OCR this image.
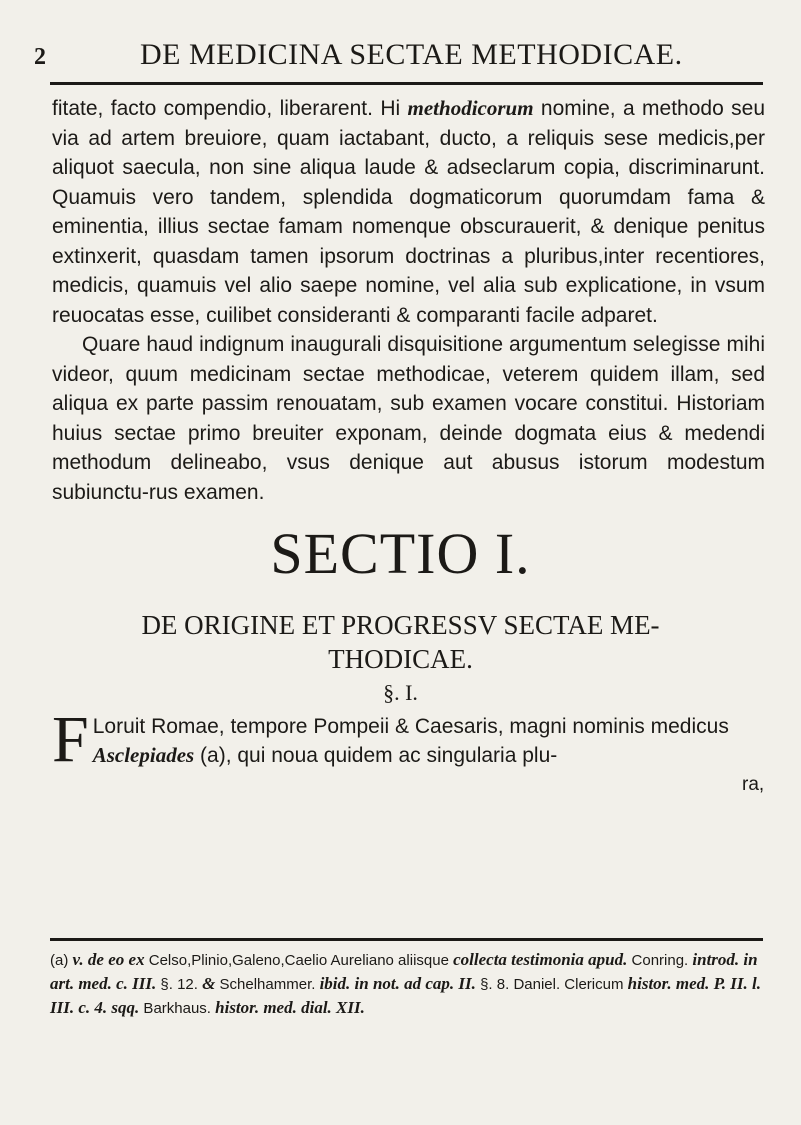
2	DE MEDICINA SECTAE METHODICAE.

fitate, facto compendio, liberarent. Hi methodicorum nomine, a methodo seu via ad artem breuiore, quam iactabant, ducto, a reliquis sese medicis,per aliquot saecula, non sine aliqua laude & adseclarum copia, discriminarunt. Quamuis vero tandem, splendida dogmaticorum quorumdam fama & eminentia, illius sectae famam nomenque obscurauerit, & denique penitus extinxerit, quasdam tamen ipsorum doctrinas a pluribus,inter recentiores, medicis, quamuis vel alio saepe nomine, vel alia sub explicatione, in vsum reuocatas esse, cuilibet consideranti & comparanti facile adparet.

Quare haud indignum inaugurali disquisitione argumentum selegisse mihi videor, quum medicinam sectae methodicae, veterem quidem illam, sed aliqua ex parte passim renouatam, sub examen vocare constitui. Historiam huius sectae primo breuiter exponam, deinde dogmata eius & medendi methodum delineabo, vsus denique aut abusus istorum modestum subiunctu-rus examen.

SECTIO I.
DE ORIGINE ET PROGRESSV SECTAE ME-
THODICAE.
§. I.
F Loruit Romae, tempore Pompeii & Caesaris, magni nominis medicus Asclepiades (a), qui noua quidem ac singularia plu-
ra,
(a) v. de eo ex Celso,Plinio,Galeno,Caelio Aureliano aliisque collecta testimonia apud. Conring. introd. in art. med. c. III. §. 12. & Schelhammer. ibid. in not. ad cap. II. §. 8. Daniel. Clericum histor. med. P. II. l. III. c. 4. sqq. Barkhaus. histor. med. dial. XII.
